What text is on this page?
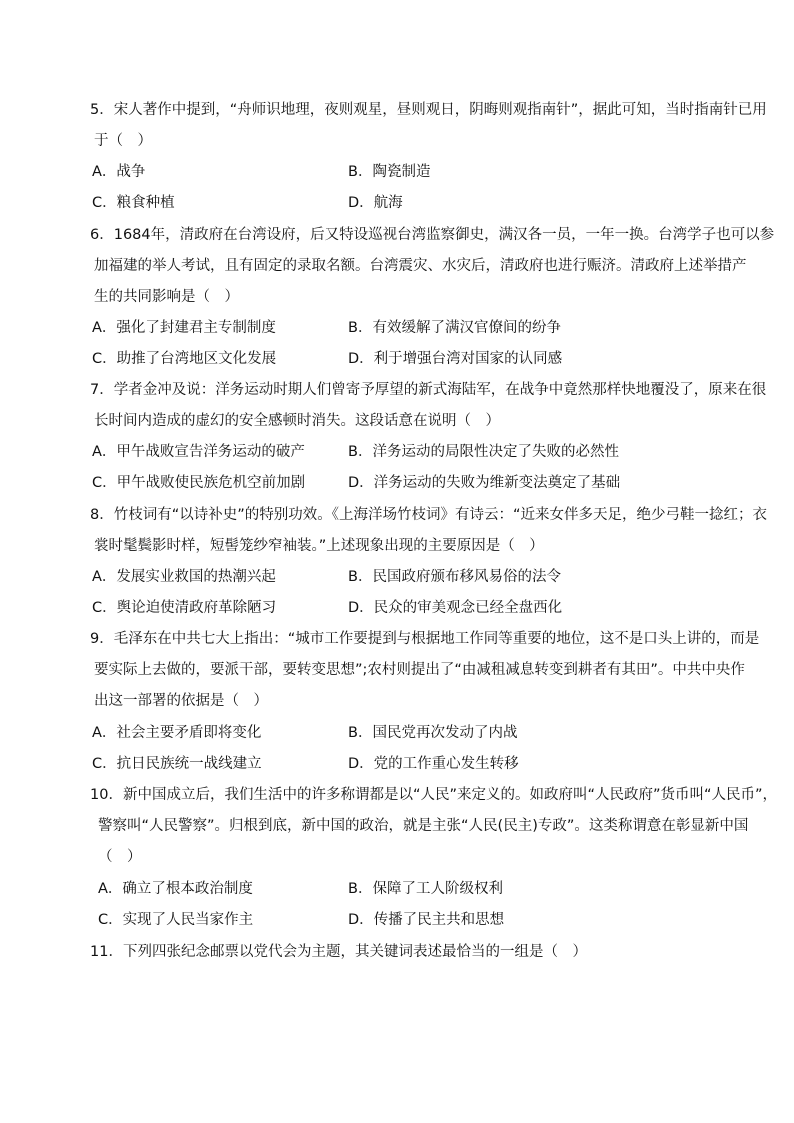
5．宋人著作中提到，“舟师识地理，夜则观星，昼则观日，阴晦则观指南针”，据此可知，当时指南针已用
于（　）
A．战争	B．陶瓷制造
C．粮食种植	D．航海
6．1684年，清政府在台湾设府，后又特设巡视台湾监察御史，满汉各一员，一年一换。台湾学子也可以参
加福建的举人考试，且有固定的录取名额。台湾震灾、水灾后，清政府也进行赈济。清政府上述举措产
生的共同影响是（　）
A．强化了封建君主专制制度	B．有效缓解了满汉官僚间的纷争
C．助推了台湾地区文化发展	D．利于增强台湾对国家的认同感
7．学者金冲及说：洋务运动时期人们曾寄予厚望的新式海陆军，在战争中竟然那样快地覆没了，原来在很
长时间内造成的虚幻的安全感顿时消失。这段话意在说明（　）
A．甲午战败宣告洋务运动的破产	B．洋务运动的局限性决定了失败的必然性
C．甲午战败使民族危机空前加剧	D．洋务运动的失败为维新变法奠定了基础
8．竹枝词有“以诗补史”的特别功效。《上海洋场竹枝词》有诗云：“近来女伴多天足，绝少弓鞋一捻红；衣
裳时髦鬓影时样，短髻笼纱窄袖装。”上述现象出现的主要原因是（　）
A．发展实业救国的热潮兴起	B．民国政府颁布移风易俗的法令
C．舆论迫使清政府革除陋习	D．民众的审美观念已经全盘西化
9．毛泽东在中共七大上指出：“城市工作要提到与根据地工作同等重要的地位，这不是口头上讲的，而是
要实际上去做的，要派干部，要转变思想”;农村则提出了“由减租减息转变到耕者有其田”。中共中央作
出这一部署的依据是（　）
A．社会主要矛盾即将变化	B．国民党再次发动了内战
C．抗日民族统一战线建立	D．党的工作重心发生转移
10．新中国成立后，我们生活中的许多称谓都是以“人民”来定义的。如政府叫“人民政府”货币叫“人民币”，
警察叫“人民警察”。归根到底，新中国的政治，就是主张“人民(民主)专政”。这类称谓意在彰显新中国
（　）
A．确立了根本政治制度	B．保障了工人阶级权利
C．实现了人民当家作主	D．传播了民主共和思想
11．下列四张纪念邮票以党代会为主题，其关键词表述最恰当的一组是（　）
